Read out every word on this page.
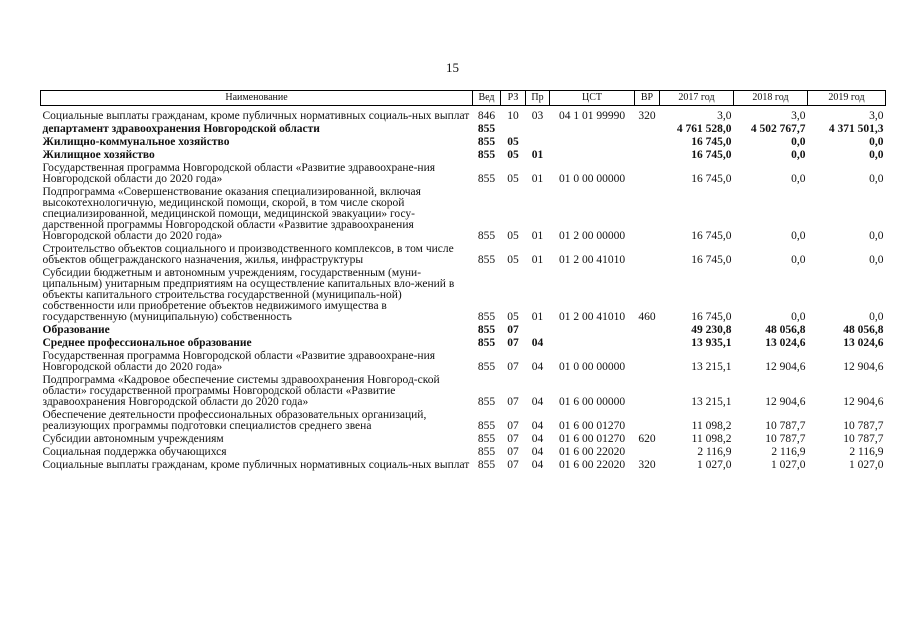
15
Наименование	Вед	РЗ	Пр	ЦСТ	ВР	2017 год	2018 год	2019 год

Социальные выплаты гражданам, кроме публичных нормативных социаль-ных выплат	846	10	03	04 1 01 99990	320	3,0	3,0	3,0
департамент здравоохранения Новгородской области	855					4 761 528,0	4 502 767,7	4 371 501,3
Жилищно-коммунальное хозяйство	855	05				16 745,0	0,0	0,0
Жилищное хозяйство	855	05	01			16 745,0	0,0	0,0
Государственная программа Новгородской области «Развитие здравоохране-ния Новгородской области до 2020 года»	855	05	01	01 0 00 00000		16 745,0	0,0	0,0
Подпрограмма «Совершенствование оказания специализированной, включая высокотехнологичную, медицинской помощи, скорой, в том числе скорой специализированной, медицинской помощи, медицинской эвакуации» госу-дарственной программы Новгородской области «Развитие здравоохранения Новгородской области до 2020 года»	855	05	01	01 2 00 00000		16 745,0	0,0	0,0
Строительство объектов социального и производственного комплексов, в том числе объектов общегражданского назначения, жилья, инфраструктуры	855	05	01	01 2 00 41010		16 745,0	0,0	0,0
Субсидии бюджетным и автономным учреждениям, государственным (муни-ципальным) унитарным предприятиям на осуществление капитальных вло-жений в объекты капитального строительства государственной (муниципаль-ной) собственности или приобретение объектов недвижимого имущества в государственную (муниципальную) собственность	855	05	01	01 2 00 41010	460	16 745,0	0,0	0,0
Образование	855	07				49 230,8	48 056,8	48 056,8
Среднее профессиональное образование	855	07	04			13 935,1	13 024,6	13 024,6
Государственная программа Новгородской области «Развитие здравоохране-ния Новгородской области до 2020 года»	855	07	04	01 0 00 00000		13 215,1	12 904,6	12 904,6
Подпрограмма «Кадровое обеспечение системы здравоохранения Новгород-ской области» государственной программы Новгородской области «Развитие здравоохранения Новгородской области до 2020 года»	855	07	04	01 6 00 00000		13 215,1	12 904,6	12 904,6
Обеспечение деятельности профессиональных образовательных организаций, реализующих программы подготовки специалистов среднего звена	855	07	04	01 6 00 01270		11 098,2	10 787,7	10 787,7
Субсидии автономным учреждениям	855	07	04	01 6 00 01270	620	11 098,2	10 787,7	10 787,7
Социальная поддержка обучающихся	855	07	04	01 6 00 22020		2 116,9	2 116,9	2 116,9
Социальные выплаты гражданам, кроме публичных нормативных социаль-ных выплат	855	07	04	01 6 00 22020	320	1 027,0	1 027,0	1 027,0
